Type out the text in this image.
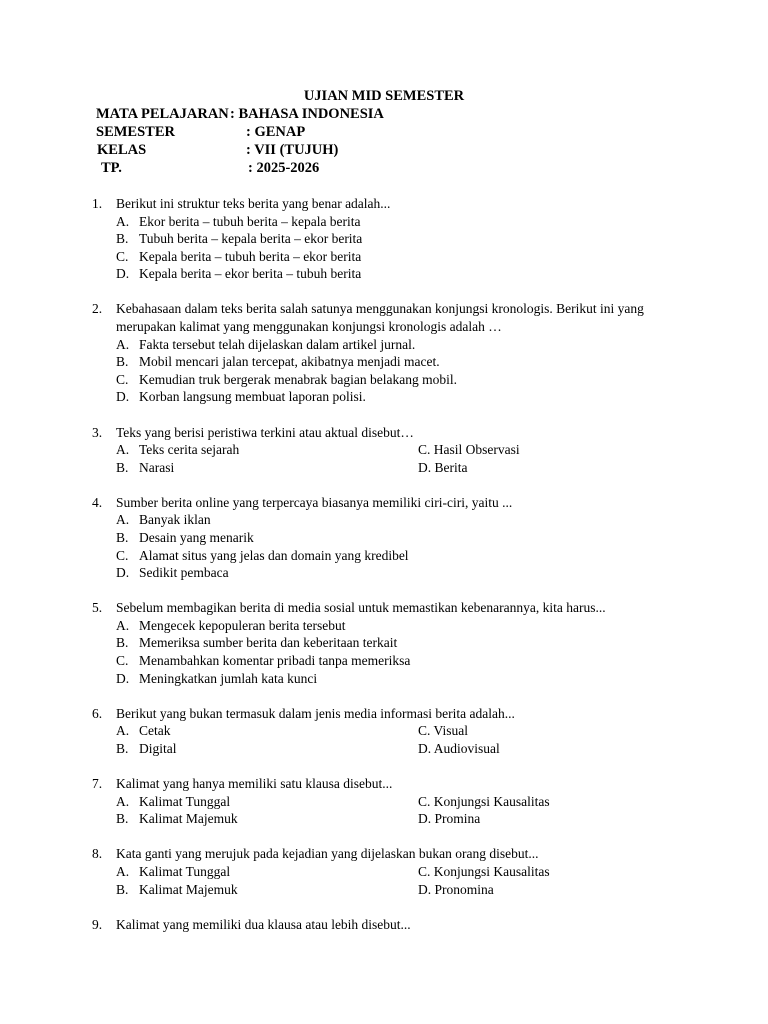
UJIAN MID SEMESTER
MATA PELAJARAN : BAHASA INDONESIA
SEMESTER	: GENAP
KELAS	: VII (TUJUH)
TP.	: 2025-2026
1. Berikut ini struktur teks berita yang benar adalah...
A. Ekor berita – tubuh berita – kepala berita
B. Tubuh berita – kepala berita – ekor berita
C. Kepala berita – tubuh berita – ekor berita
D. Kepala berita – ekor berita – tubuh berita
2. Kebahasaan dalam teks berita salah satunya menggunakan konjungsi kronologis. Berikut ini yang merupakan kalimat yang menggunakan konjungsi kronologis adalah …
A. Fakta tersebut telah dijelaskan dalam artikel jurnal.
B. Mobil mencari jalan tercepat, akibatnya menjadi macet.
C. Kemudian truk bergerak menabrak bagian belakang mobil.
D. Korban langsung membuat laporan polisi.
3. Teks yang berisi peristiwa terkini atau aktual disebut…
A. Teks cerita sejarah	C. Hasil Observasi
B. Narasi	D. Berita
4. Sumber berita online yang terpercaya biasanya memiliki ciri-ciri, yaitu ...
A. Banyak iklan
B. Desain yang menarik
C. Alamat situs yang jelas dan domain yang kredibel
D. Sedikit pembaca
5. Sebelum membagikan berita di media sosial untuk memastikan kebenarannya, kita harus...
A. Mengecek kepopuleran berita tersebut
B. Memeriksa sumber berita dan keberitaan terkait
C. Menambahkan komentar pribadi tanpa memeriksa
D. Meningkatkan jumlah kata kunci
6. Berikut yang bukan termasuk dalam jenis media informasi berita adalah...
A. Cetak	C. Visual
B. Digital	D. Audiovisual
7. Kalimat yang hanya memiliki satu klausa disebut...
A. Kalimat Tunggal	C. Konjungsi Kausalitas
B. Kalimat Majemuk	D. Promina
8. Kata ganti yang merujuk pada kejadian yang dijelaskan bukan orang disebut...
A. Kalimat Tunggal	C. Konjungsi Kausalitas
B. Kalimat Majemuk	D. Pronomina
9. Kalimat yang memiliki dua klausa atau lebih disebut...
